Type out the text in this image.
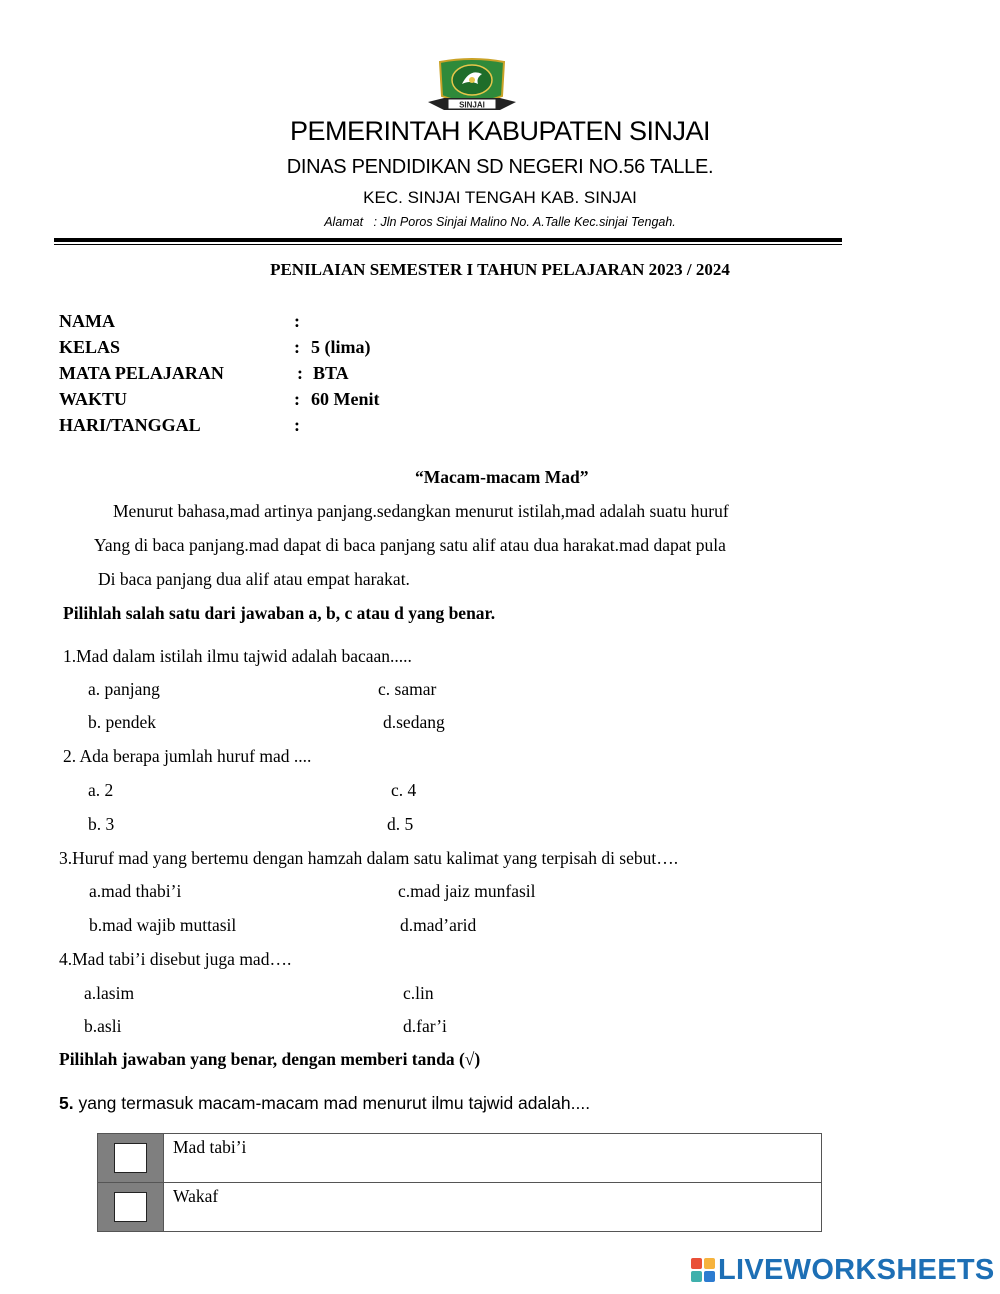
SINJAI
PEMERINTAH KABUPATEN SINJAI
DINAS PENDIDIKAN SD NEGERI NO.56 TALLE.
KEC. SINJAI TENGAH KAB. SINJAI
Alamat : Jln Poros Sinjai Malino No. A.Talle Kec.sinjai Tengah.
PENILAIAN SEMESTER I TAHUN PELAJARAN 2023 / 2024
NAMA	:
KELAS	: 5 (lima)
MATA PELAJARAN	: BTA
WAKTU	: 60 Menit
HARI/TANGGAL	:
“Macam-macam Mad”
Menurut bahasa,mad artinya panjang.sedangkan menurut istilah,mad adalah suatu huruf
Yang di baca panjang.mad dapat di baca panjang satu alif atau dua harakat.mad dapat pula
Di baca panjang dua alif atau empat harakat.
Pilihlah salah satu dari jawaban a, b, c atau d yang benar.
1.Mad dalam istilah ilmu tajwid adalah bacaan.....
a. panjang	c. samar
b. pendek	d.sedang
2. Ada berapa jumlah huruf mad ....
a. 2	c. 4
b. 3	d. 5
3.Huruf mad yang bertemu dengan hamzah dalam satu kalimat yang terpisah di sebut….
a.mad thabi’i	c.mad jaiz munfasil
b.mad wajib muttasil	d.mad’arid
4.Mad tabi’i disebut juga mad….
a.lasim	c.lin
b.asli	d.far’i
Pilihlah jawaban yang benar, dengan memberi tanda (√)
5. yang termasuk macam-macam mad menurut ilmu tajwid adalah....
	Mad tabi’i

	Wakaf
LIVEWORKSHEETS
